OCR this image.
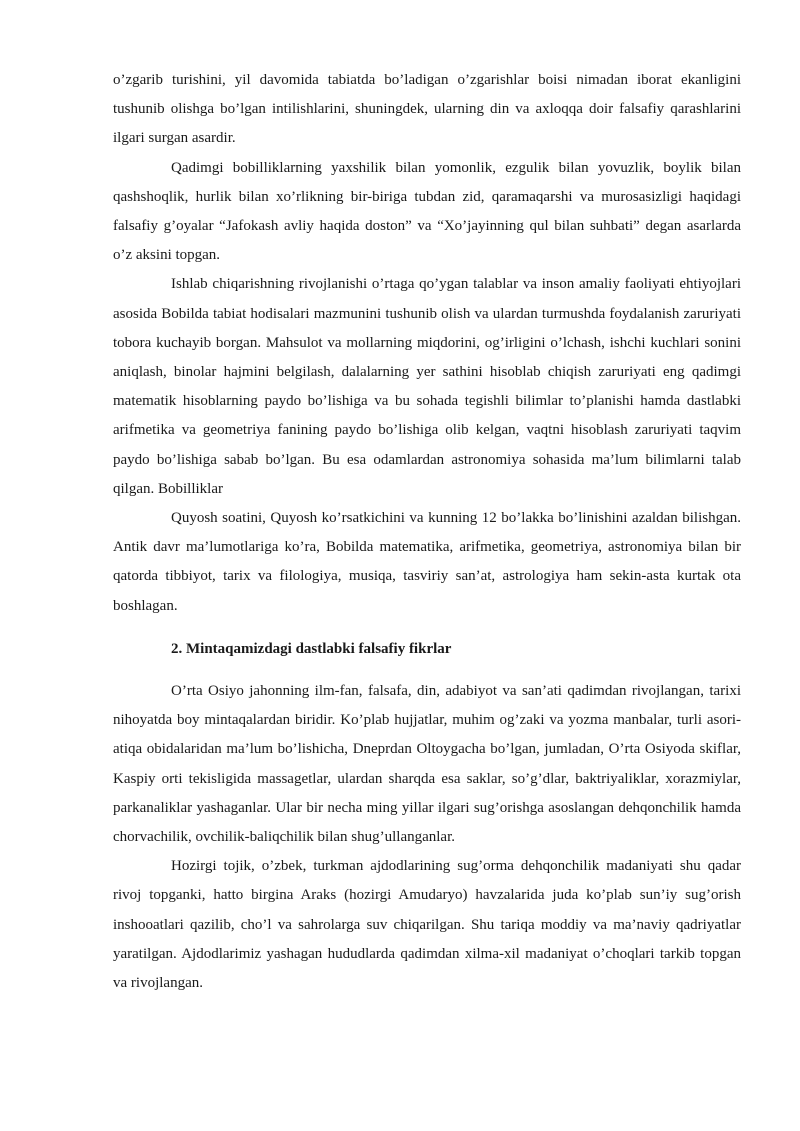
o’zgarib turishini, yil davomida tabiatda bo’ladigan o’zgarishlar boisi nimadan iborat ekanligini tushunib olishga bo’lgan intilishlarini, shuningdek, ularning din va axloqqa doir falsafiy qarashlarini ilgari surgan asardir.

Qadimgi bobilliklarning yaxshilik bilan yomonlik, ezgulik bilan yovuzlik, boylik bilan qashshoqlik, hurlik bilan xo’rlikning bir-biriga tubdan zid, qaramaqarshi va murosasizligi haqidagi falsafiy g’oyalar “Jafokash avliy haqida doston” va “Xo’jayinning qul bilan suhbati” degan asarlarda o’z aksini topgan.

Ishlab chiqarishning rivojlanishi o’rtaga qo’ygan talablar va inson amaliy faoliyati ehtiyojlari asosida Bobilda tabiat hodisalari mazmunini tushunib olish va ulardan turmushda foydalanish zaruriyati tobora kuchayib borgan. Mahsulot va mollarning miqdorini, og’irligini o’lchash, ishchi kuchlari sonini aniqlash, binolar hajmini belgilash, dalalarning yer sathini hisoblab chiqish zaruriyati eng qadimgi matematik hisoblarning paydo bo’lishiga va bu sohada tegishli bilimlar to’planishi hamda dastlabki arifmetika va geometriya fanining paydo bo’lishiga olib kelgan, vaqtni hisoblash zaruriyati taqvim paydo bo’lishiga sabab bo’lgan. Bu esa odamlardan astronomiya sohasida ma’lum bilimlarni talab qilgan. Bobilliklar

Quyosh soatini, Quyosh ko’rsatkichini va kunning 12 bo’lakka bo’linishini azaldan bilishgan. Antik davr ma’lumotlariga ko’ra, Bobilda matematika, arifmetika, geometriya, astronomiya bilan bir qatorda tibbiyot, tarix va filologiya, musiqa, tasviriy san’at, astrologiya ham sekin-asta kurtak ota boshlagan.

2. Mintaqamizdagi dastlabki falsafiy fikrlar

O’rta Osiyo jahonning ilm-fan, falsafa, din, adabiyot va san’ati qadimdan rivojlangan, tarixi nihoyatda boy mintaqalardan biridir. Ko’plab hujjatlar, muhim og’zaki va yozma manbalar, turli asori-atiqa obidalaridan ma’lum bo’lishicha, Dneprdan Oltoygacha bo’lgan, jumladan, O’rta Osiyoda skiflar, Kaspiy orti tekisligida massagetlar, ulardan sharqda esa saklar, so’g’dlar, baktriyaliklar, xorazmiylar, parkanaliklar yashaganlar. Ular bir necha ming yillar ilgari sug’orishga asoslangan dehqonchilik hamda chorvachilik, ovchilik-baliqchilik bilan shug’ullanganlar.

Hozirgi tojik, o’zbek, turkman ajdodlarining sug’orma dehqonchilik madaniyati shu qadar rivoj topganki, hatto birgina Araks (hozirgi Amudaryo) havzalarida juda ko’plab sun’iy sug’orish inshooatlari qazilib, cho’l va sahrolarga suv chiqarilgan. Shu tariqa moddiy va ma’naviy qadriyatlar yaratilgan. Ajdodlarimiz yashagan hududlarda qadimdan xilma-xil madaniyat o’choqlari tarkib topgan va rivojlangan.
